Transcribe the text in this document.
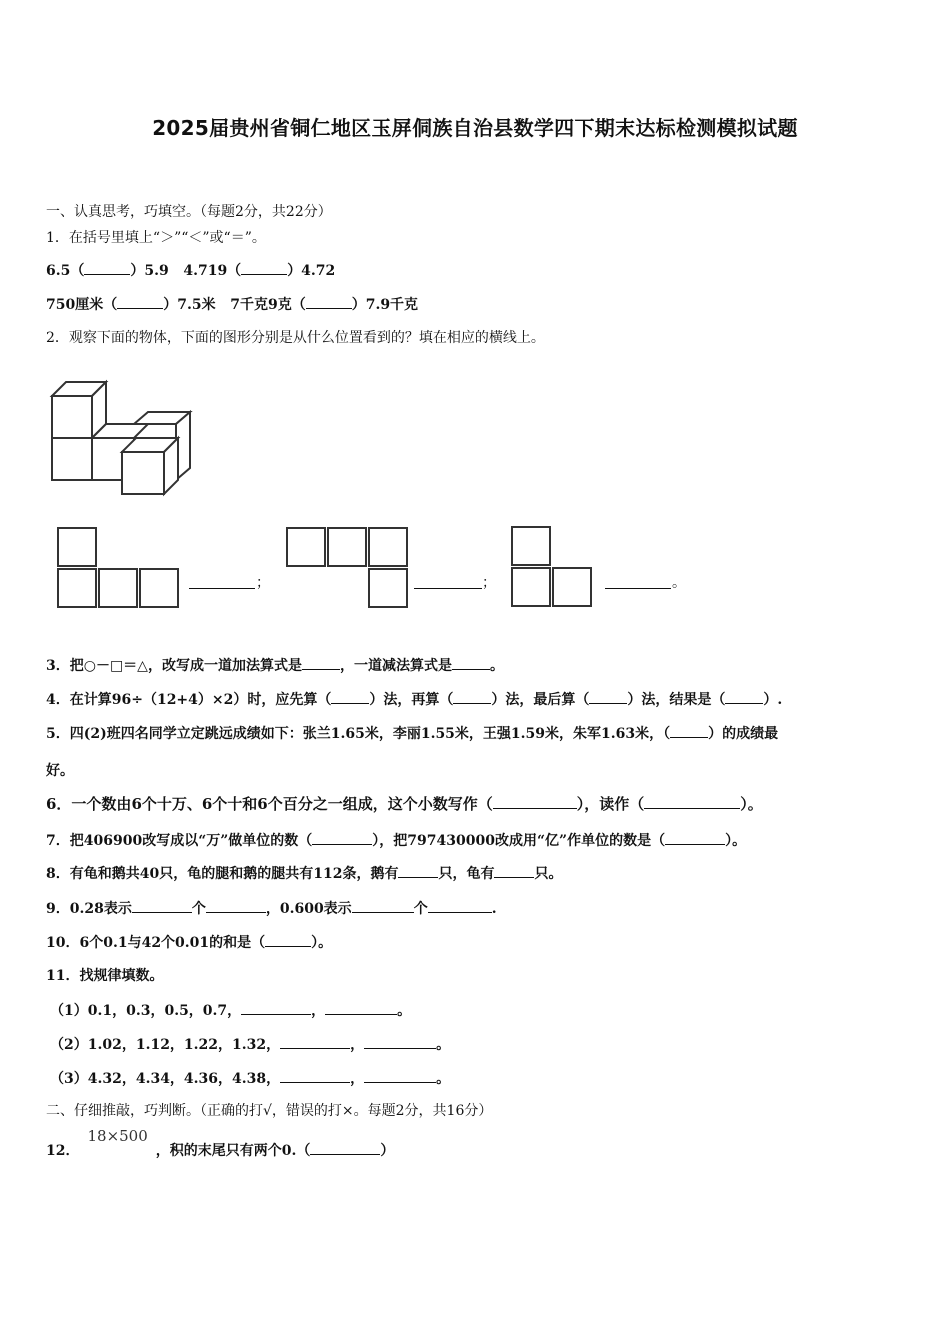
2025届贵州省铜仁地区玉屏侗族自治县数学四下期末达标检测模拟试题
一、认真思考，巧填空。（每题2分，共22分）
1．在括号里填上“＞”“＜”或“＝”。
6.5（	）5.9 4.719（	）4.72
750厘米（	）7.5米 7千克9克（	）7.9千克
2．观察下面的物体，下面的图形分别是从什么位置看到的？填在相应的横线上。
；	；	。
3．把○－□＝△，改写成一道加法算式是	，一道减法算式是	。
4．在计算96÷（12+4）×2）时，应先算（	）法，再算（	）法，最后算（	）法，结果是（	）.
5．四(2)班四名同学立定跳远成绩如下：张兰1.65米，李丽1.55米，王强1.59米，朱军1.63米，（	）的成绩最
好。
6．一个数由6个十万、6个十和6个百分之一组成，这个小数写作（	），读作（	）。
7．把406900改写成以“万”做单位的数（	），把797430000改成用“亿”作单位的数是（	）。
8．有龟和鹅共40只，龟的腿和鹅的腿共有112条，鹅有	只，龟有	只。
9．0.28表示	个	，0.600表示	个	.
10．6个0.1与42个0.01的和是（	）。
11．找规律填数。
（1）0.1，0.3，0.5，0.7，	，	。
（2）1.02，1.12，1.22，1.32，	，	。
（3）4.32，4.34，4.36，4.38，	，	。
二、仔细推敲，巧判断。（正确的打√，错误的打×。每题2分，共16分）
12．18×500，积的末尾只有两个0.（	）
